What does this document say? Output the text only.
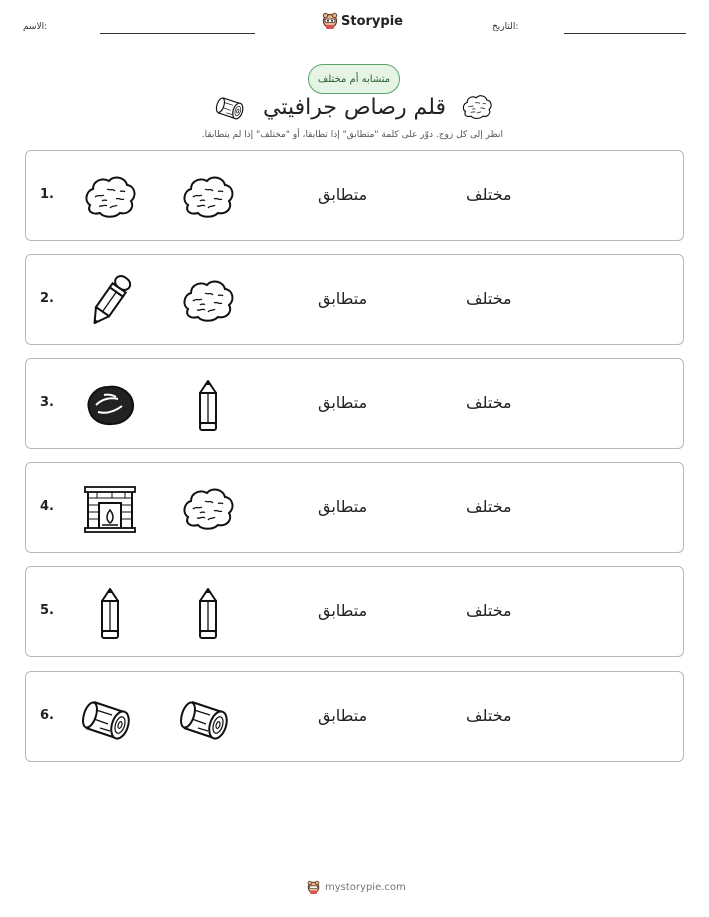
الاسم:	Storypie	التاريخ:
متشابه أم مختلف
قلم رصاص جرافيتي
انظر إلى كل زوج. دوّر على كلمة "متطابق" إذا تطابقا، أو "مختلف" إذا لم يتطابقا.
1.	متطابق	مختلف
2.	متطابق	مختلف
3.	متطابق	مختلف
4.	متطابق	مختلف
5.	متطابق	مختلف
6.	متطابق	مختلف
mystorypie.com
